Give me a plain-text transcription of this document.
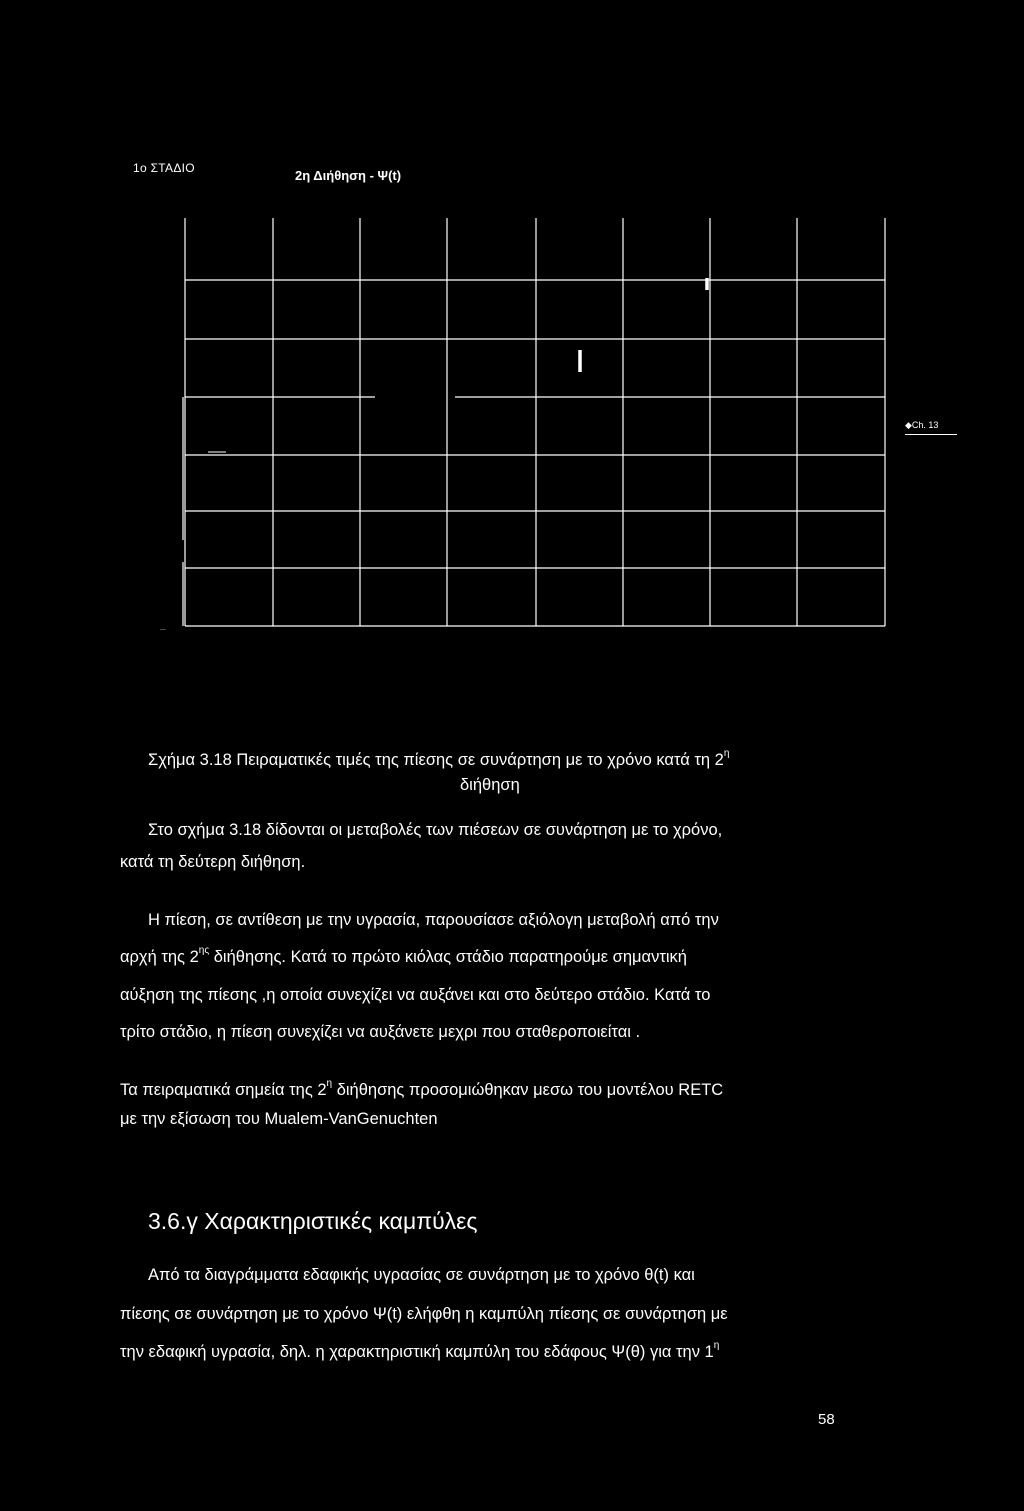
1ο ΣΤΑΔΙΟ	2η Διήθηση - Ψ(t)
...
◆Ch. 13
Σχήμα 3.18 Πειραματικές τιμές της πίεσης σε συνάρτηση με το χρόνο κατά τη $2^\eta$
διήθηση
Στο σχήμα 3.18 δίδονται οι μεταβολές των πιέσεων σε συνάρτηση με το χρόνο,
κατά τη δεύτερη διήθηση.
Η πίεση, σε αντίθεση με την υγρασία, παρουσίασε αξιόλογη μεταβολή από την
αρχή της $2^{\eta\varsigma}$ διήθησης. Κατά το πρώτο κιόλας στάδιο παρατηρούμε σημαντική
αύξηση της πίεσης ,η οποία συνεχίζει να αυξάνει και στο δεύτερο στάδιο. Κατά το
τρίτο στάδιο, η πίεση συνεχίζει να αυξάνετε μεχρι που σταθεροποιείται .
Τα πειραματικά σημεία της $2^\eta$ διήθησης προσομιώθηκαν μεσω του μοντέλου RETC
με την εξίσωση του Mualem-VanGenuchten
3.6.γ Χαρακτηριστικές καμπύλες
Από τα διαγράμματα εδαφικής υγρασίας σε συνάρτηση με το χρόνο θ(t) και
πίεσης σε συνάρτηση με το χρόνο Ψ(t) ελήφθη η καμπύλη πίεσης σε συνάρτηση με
την εδαφική υγρασία, δηλ. η χαρακτηριστική καμπύλη του εδάφους Ψ(θ) για την $1^\eta$
58
